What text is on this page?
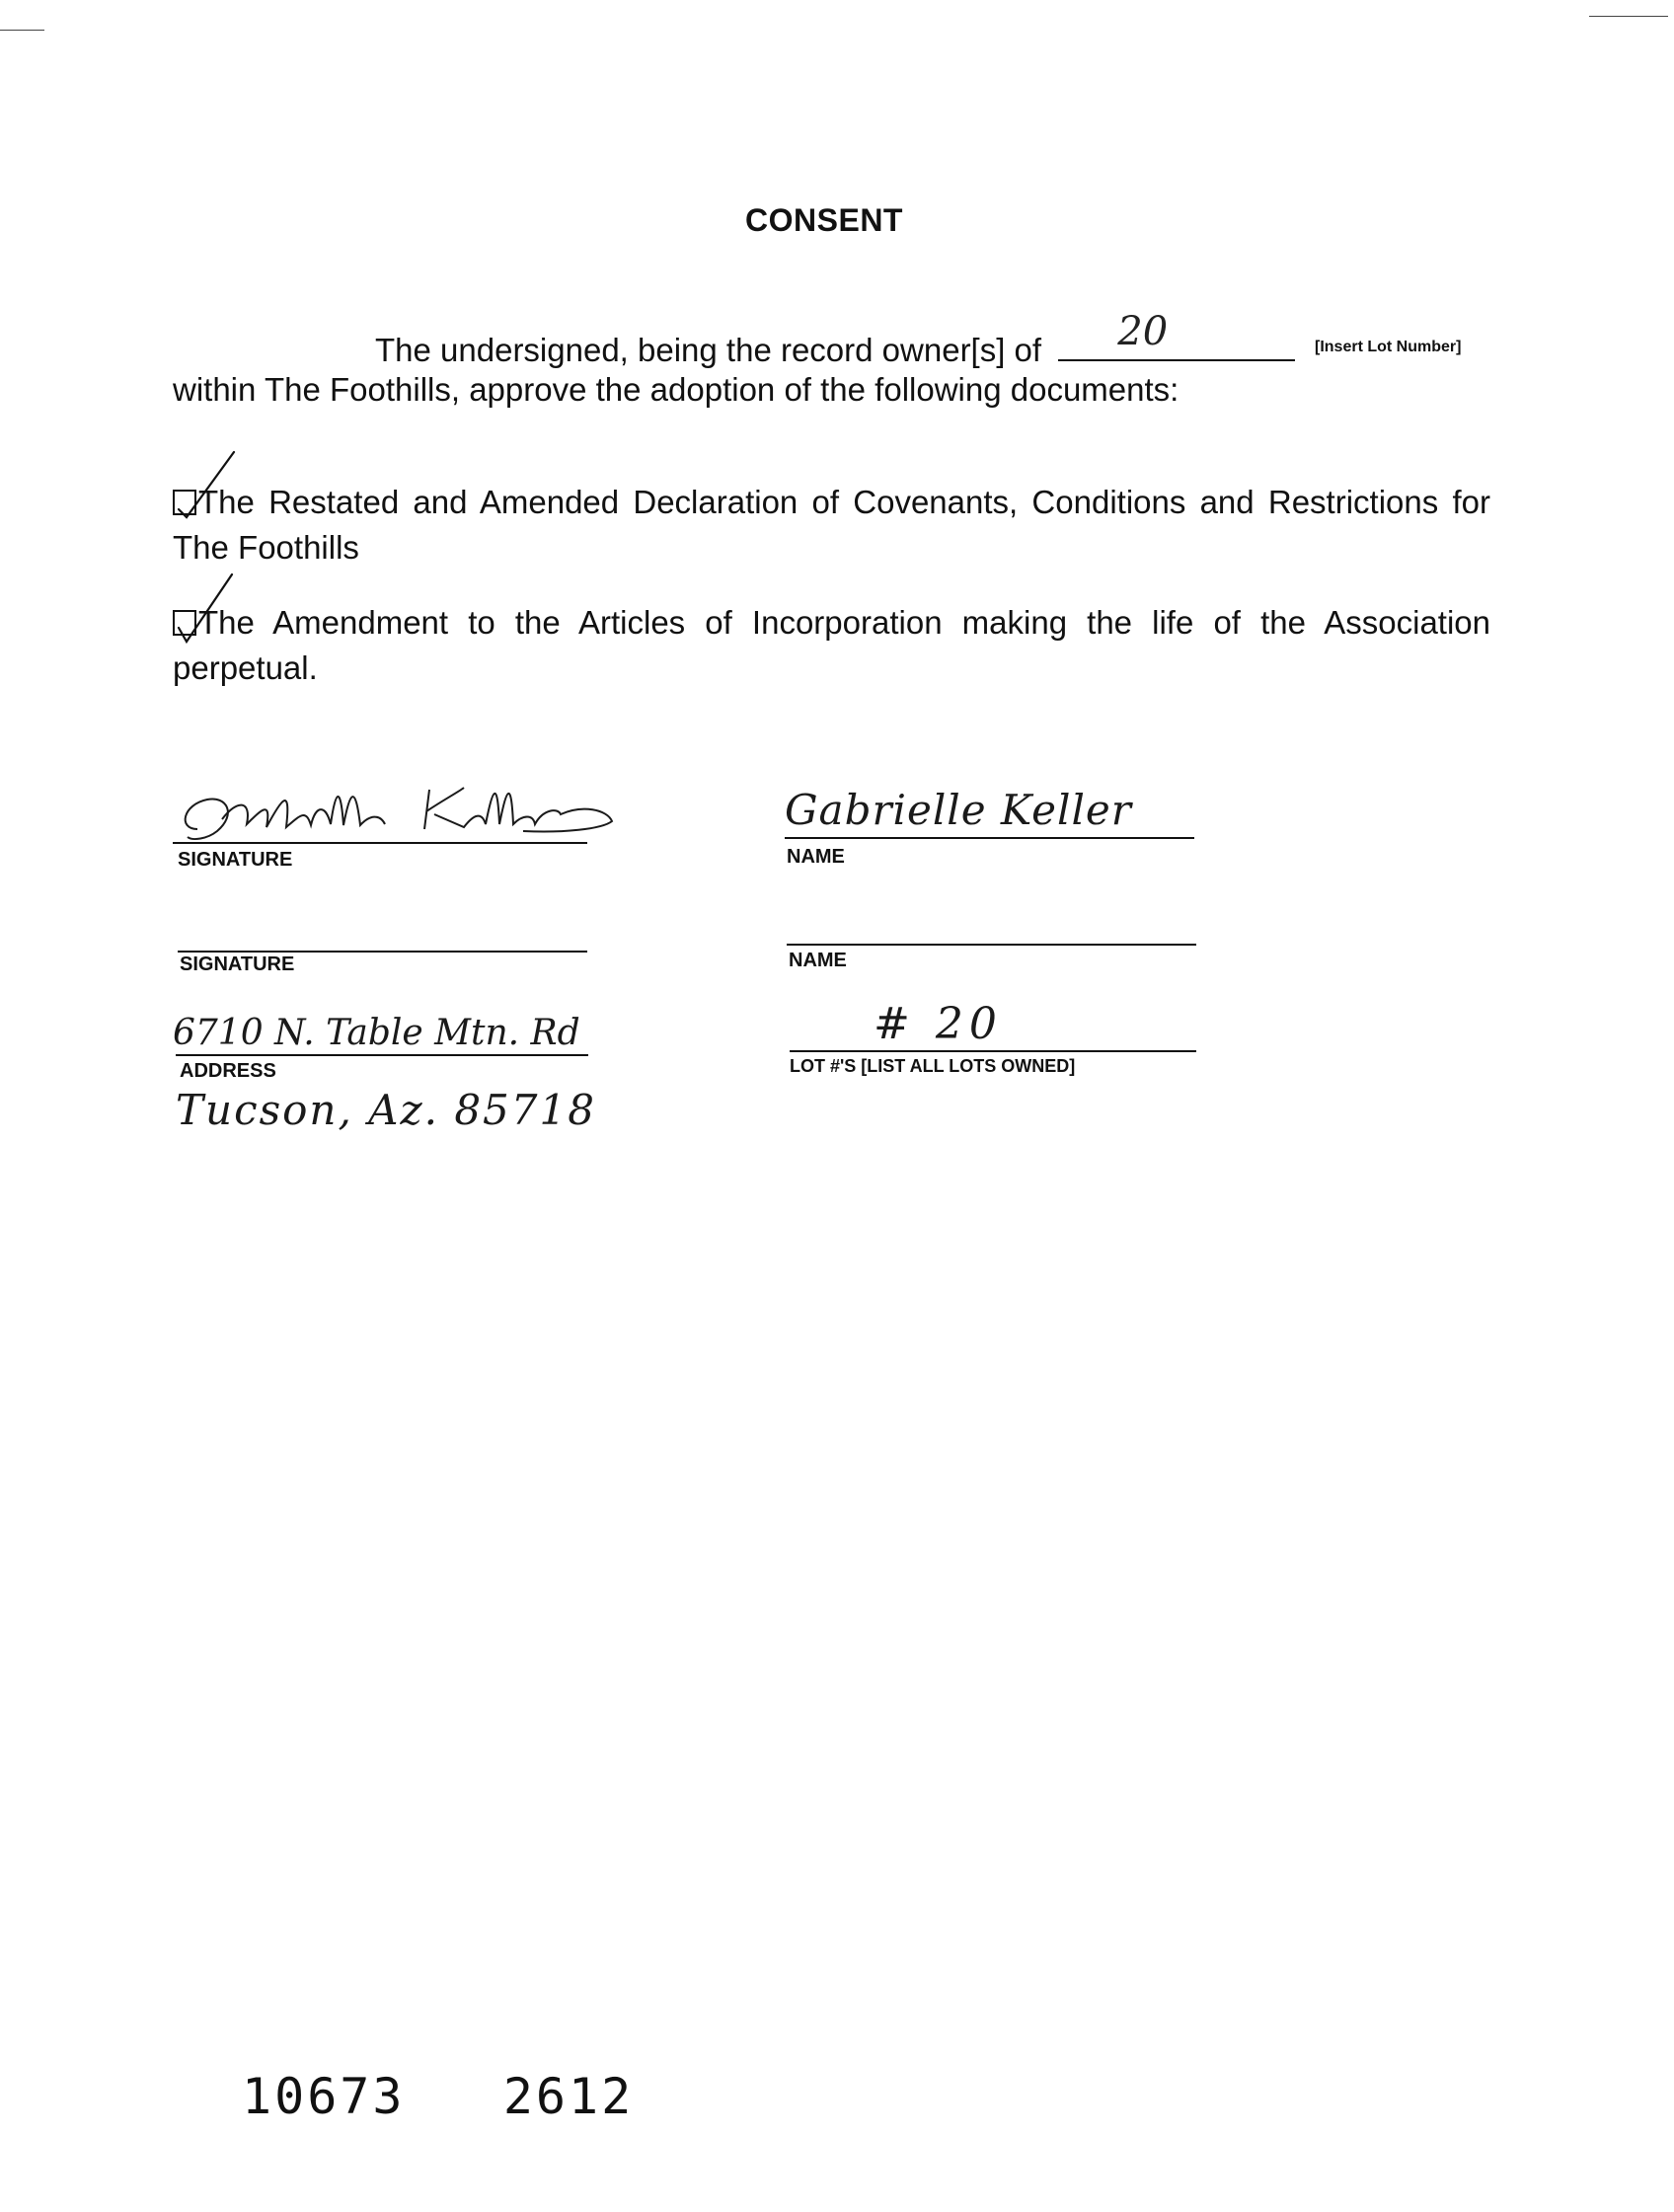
CONSENT
The undersigned, being the record owner[s] of 20	[Insert Lot Number]
within The Foothills, approve the adoption of the following documents:
The Restated and Amended Declaration of Covenants, Conditions and Restrictions for The Foothills
The Amendment to the Articles of Incorporation making the life of the Association perpetual.
SIGNATURE
Gabrielle Keller
NAME
SIGNATURE	NAME
6710 N. Table Mtn. Rd
ADDRESS
Tucson, Az. 85718
# 20
LOT #'S [LIST ALL LOTS OWNED]
10673   2612
